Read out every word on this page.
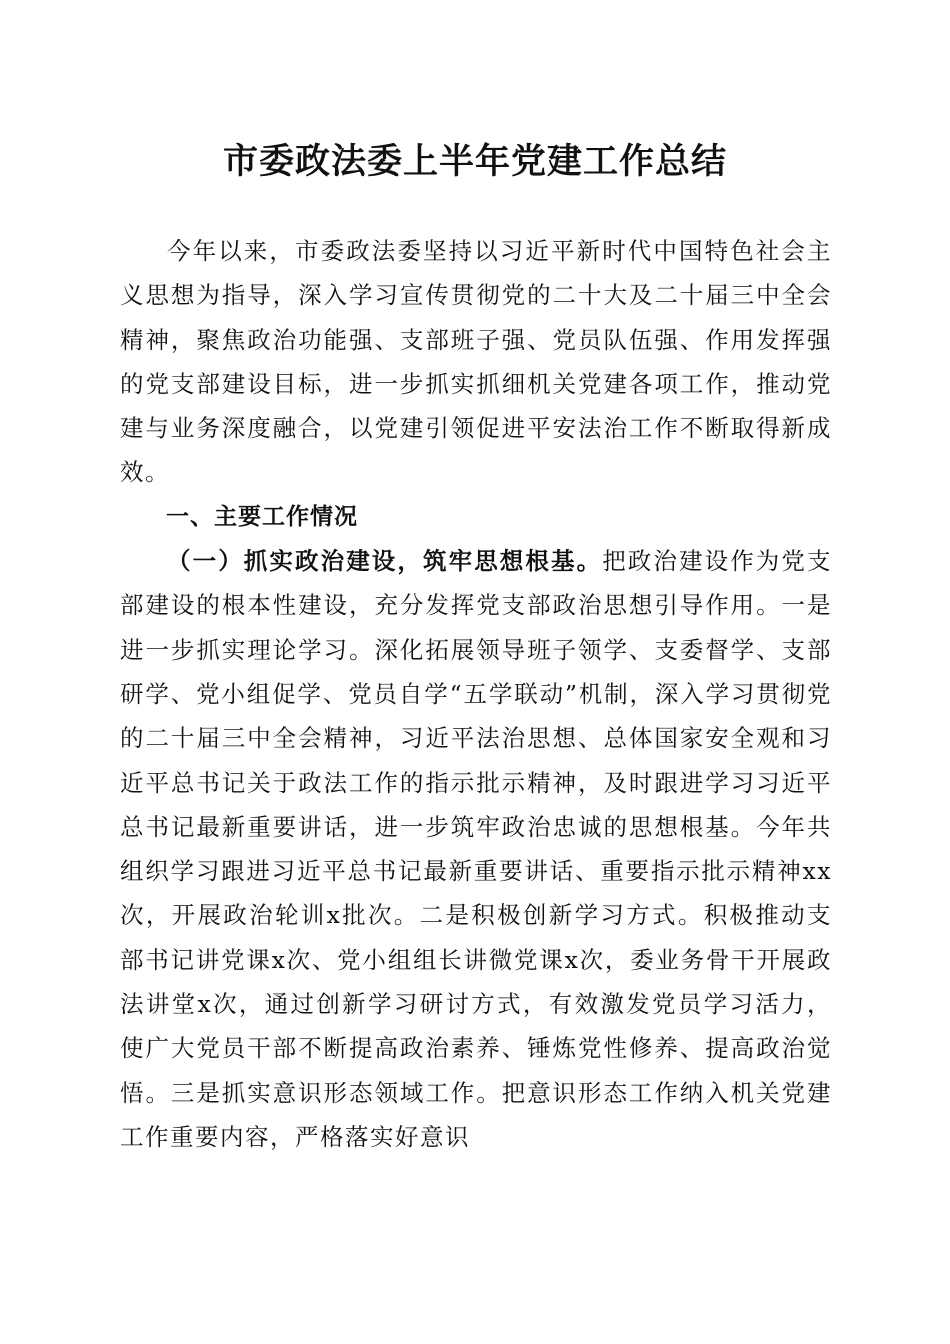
市委政法委上半年党建工作总结

今年以来，市委政法委坚持以习近平新时代中国特色社会主义思想为指导，深入学习宣传贯彻党的二十大及二十届三中全会精神，聚焦政治功能强、支部班子强、党员队伍强、作用发挥强的党支部建设目标，进一步抓实抓细机关党建各项工作，推动党建与业务深度融合，以党建引领促进平安法治工作不断取得新成效。

一、主要工作情况

（一）抓实政治建设，筑牢思想根基。把政治建设作为党支部建设的根本性建设，充分发挥党支部政治思想引导作用。一是进一步抓实理论学习。深化拓展领导班子领学、支委督学、支部研学、党小组促学、党员自学“五学联动”机制，深入学习贯彻党的二十届三中全会精神，习近平法治思想、总体国家安全观和习近平总书记关于政法工作的指示批示精神，及时跟进学习习近平总书记最新重要讲话，进一步筑牢政治忠诚的思想根基。今年共组织学习跟进习近平总书记最新重要讲话、重要指示批示精神xx次，开展政治轮训x批次。二是积极创新学习方式。积极推动支部书记讲党课x次、党小组组长讲微党课x次，委业务骨干开展政法讲堂x次，通过创新学习研讨方式，有效激发党员学习活力，使广大党员干部不断提高政治素养、锤炼党性修养、提高政治觉悟。三是抓实意识形态领域工作。把意识形态工作纳入机关党建工作重要内容，严格落实好意识
